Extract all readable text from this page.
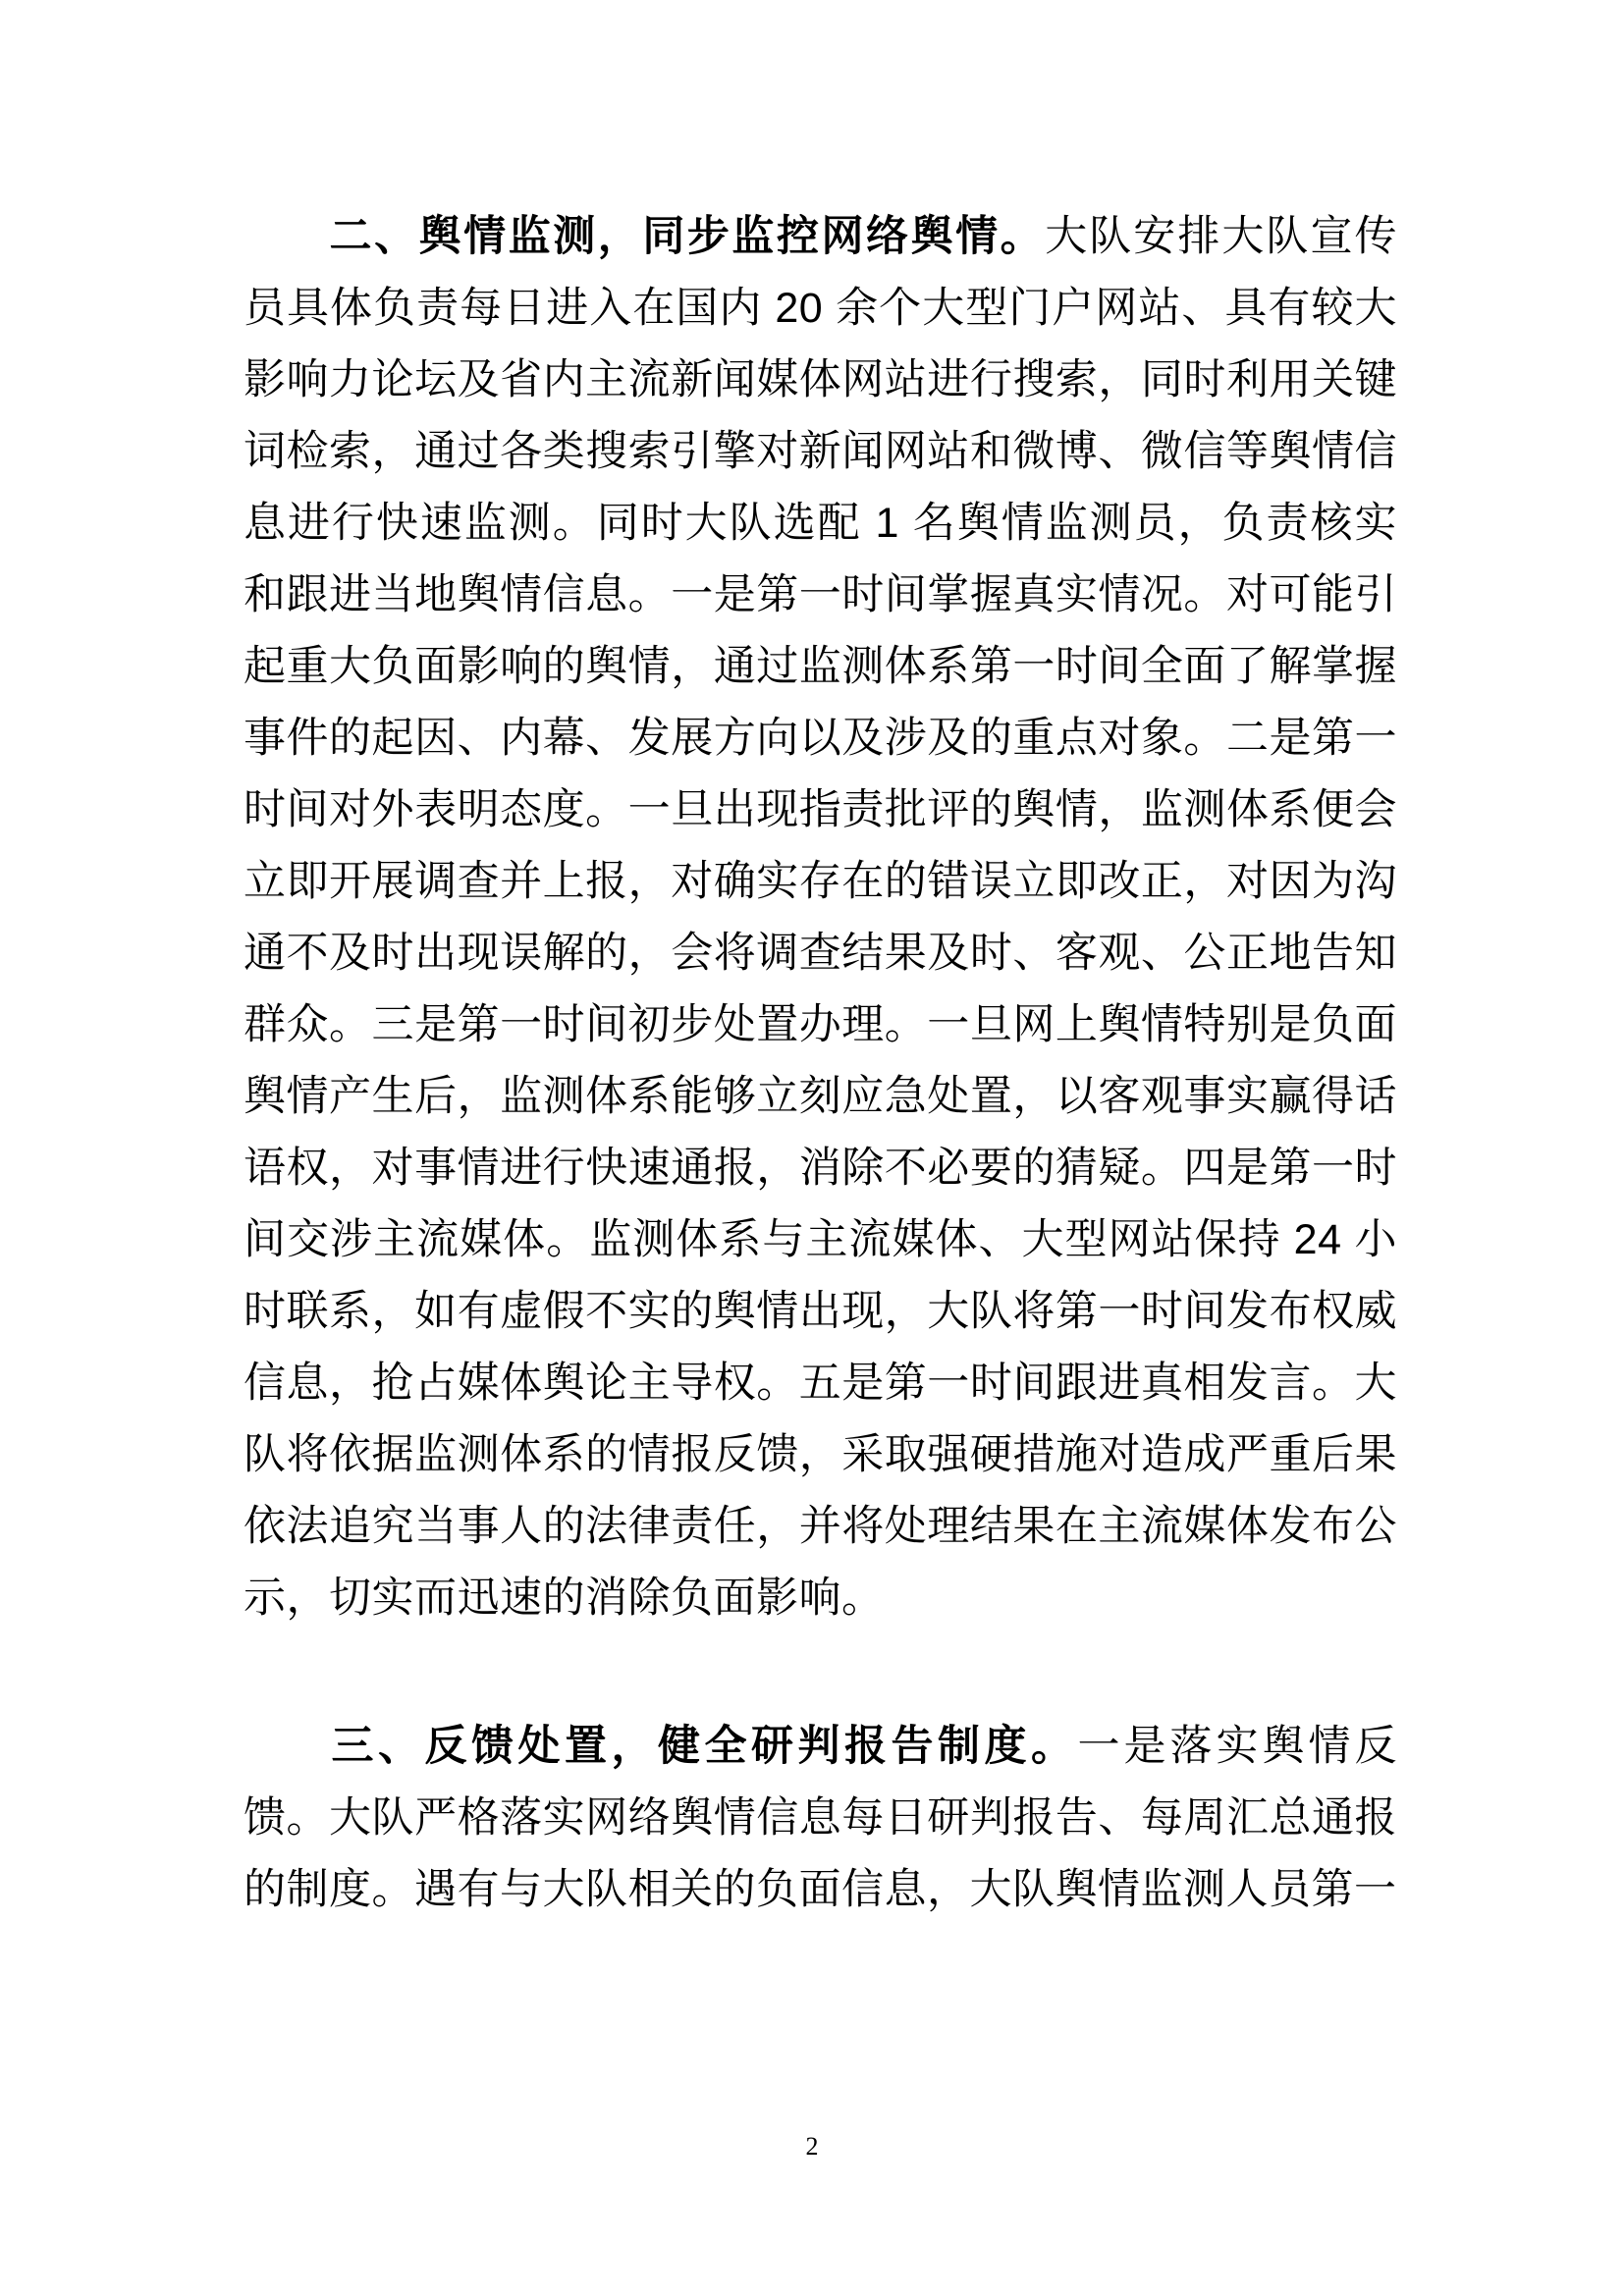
二、舆情监测，同步监控网络舆情。大队安排大队宣传员具体负责每日进入在国内 20 余个大型门户网站、具有较大影响力论坛及省内主流新闻媒体网站进行搜索，同时利用关键词检索，通过各类搜索引擎对新闻网站和微博、微信等舆情信息进行快速监测。同时大队选配 1 名舆情监测员，负责核实和跟进当地舆情信息。一是第一时间掌握真实情况。对可能引起重大负面影响的舆情，通过监测体系第一时间全面了解掌握事件的起因、内幕、发展方向以及涉及的重点对象。二是第一时间对外表明态度。一旦出现指责批评的舆情，监测体系便会立即开展调查并上报，对确实存在的错误立即改正，对因为沟通不及时出现误解的，会将调查结果及时、客观、公正地告知群众。三是第一时间初步处置办理。一旦网上舆情特别是负面舆情产生后，监测体系能够立刻应急处置，以客观事实赢得话语权，对事情进行快速通报，消除不必要的猜疑。四是第一时间交涉主流媒体。监测体系与主流媒体、大型网站保持 24 小时联系，如有虚假不实的舆情出现，大队将第一时间发布权威信息，抢占媒体舆论主导权。五是第一时间跟进真相发言。大队将依据监测体系的情报反馈，采取强硬措施对造成严重后果依法追究当事人的法律责任，并将处理结果在主流媒体发布公示，切实而迅速的消除负面影响。

三、反馈处置，健全研判报告制度。一是落实舆情反馈。大队严格落实网络舆情信息每日研判报告、每周汇总通报的制度。遇有与大队相关的负面信息，大队舆情监测人员第一

2
